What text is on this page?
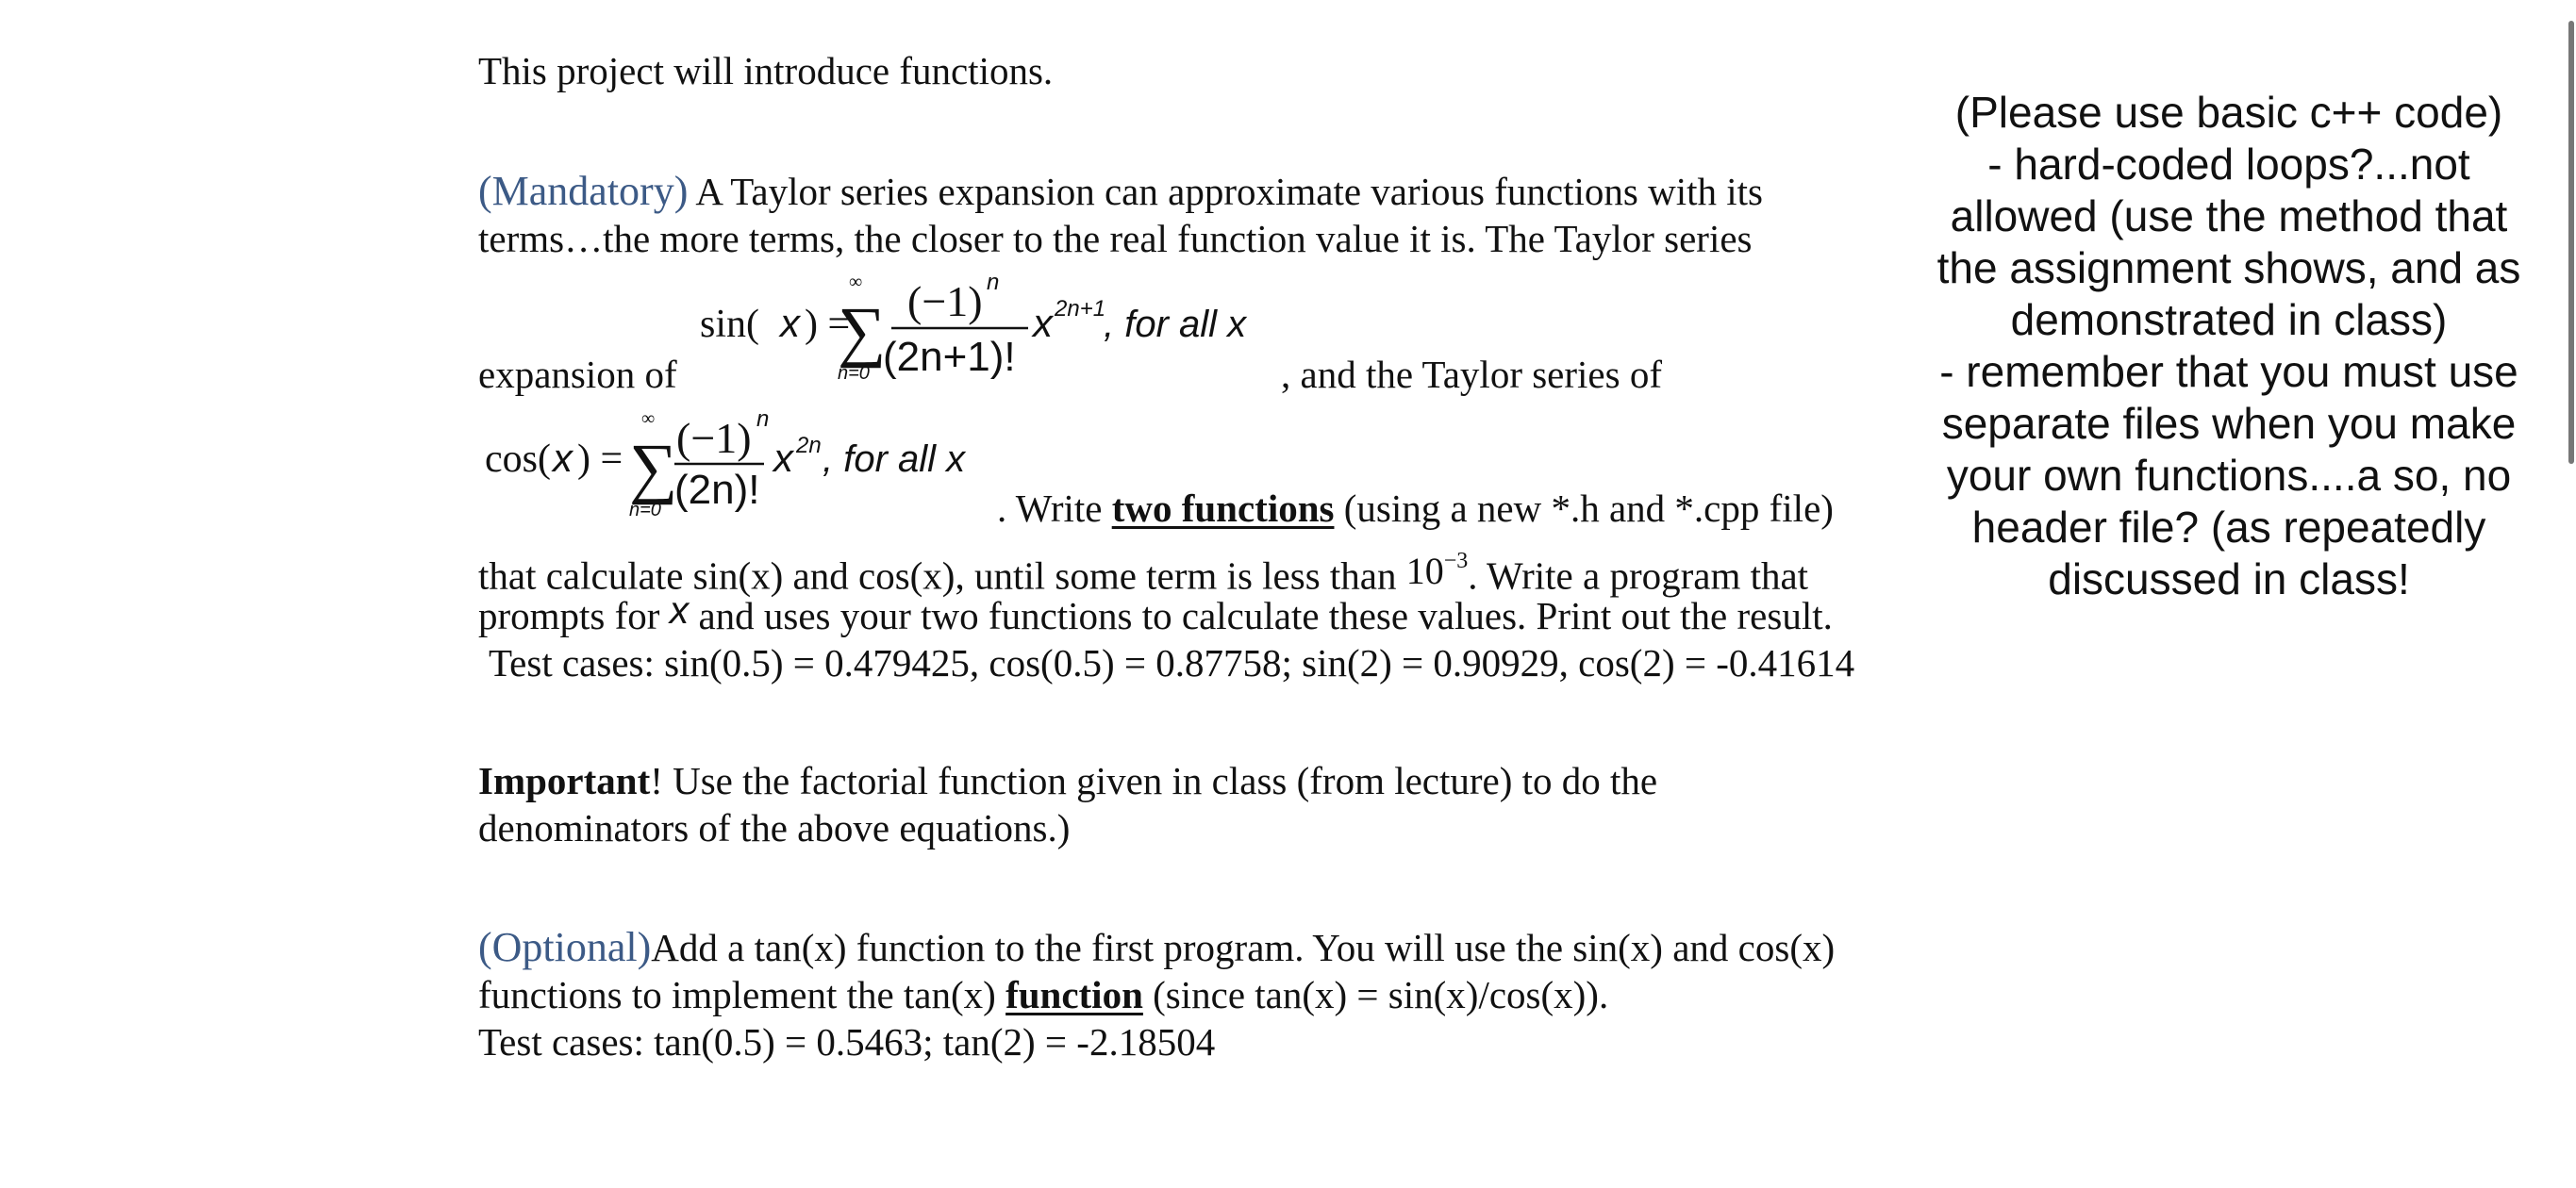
This project will introduce functions.
(Mandatory) A Taylor series expansion can approximate various functions with its
terms…the more terms, the closer to the real function value it is. The Taylor series
sin( x ) =
∞
∑
n=0
(−1) n
(2n+1)!
x 2n+1
, for all x
expansion of	, and the Taylor series of
cos( x ) =
∞
∑
n=0
(−1) n
(2n)!
x 2n , for all x
. Write two functions (using a new *.h and *.cpp file)
that calculate sin(x) and cos(x), until some term is less than $10^{-3}$. Write a program that
prompts for x and uses your two functions to calculate these values. Print out the result.
Test cases: sin(0.5) = 0.479425, cos(0.5) = 0.87758; sin(2) = 0.90929, cos(2) = -0.41614
Important! Use the factorial function given in class (from lecture) to do the
denominators of the above equations.)
(Optional)Add a tan(x) function to the first program. You will use the sin(x) and cos(x)
functions to implement the tan(x) function (since tan(x) = sin(x)/cos(x)).
Test cases: tan(0.5) = 0.5463; tan(2) = -2.18504
(Please use basic c++ code)
- hard-coded loops?...not
allowed (use the method that
the assignment shows, and as
demonstrated in class)
- remember that you must use
separate files when you make
your own functions....a so, no
header file? (as repeatedly
discussed in class!
